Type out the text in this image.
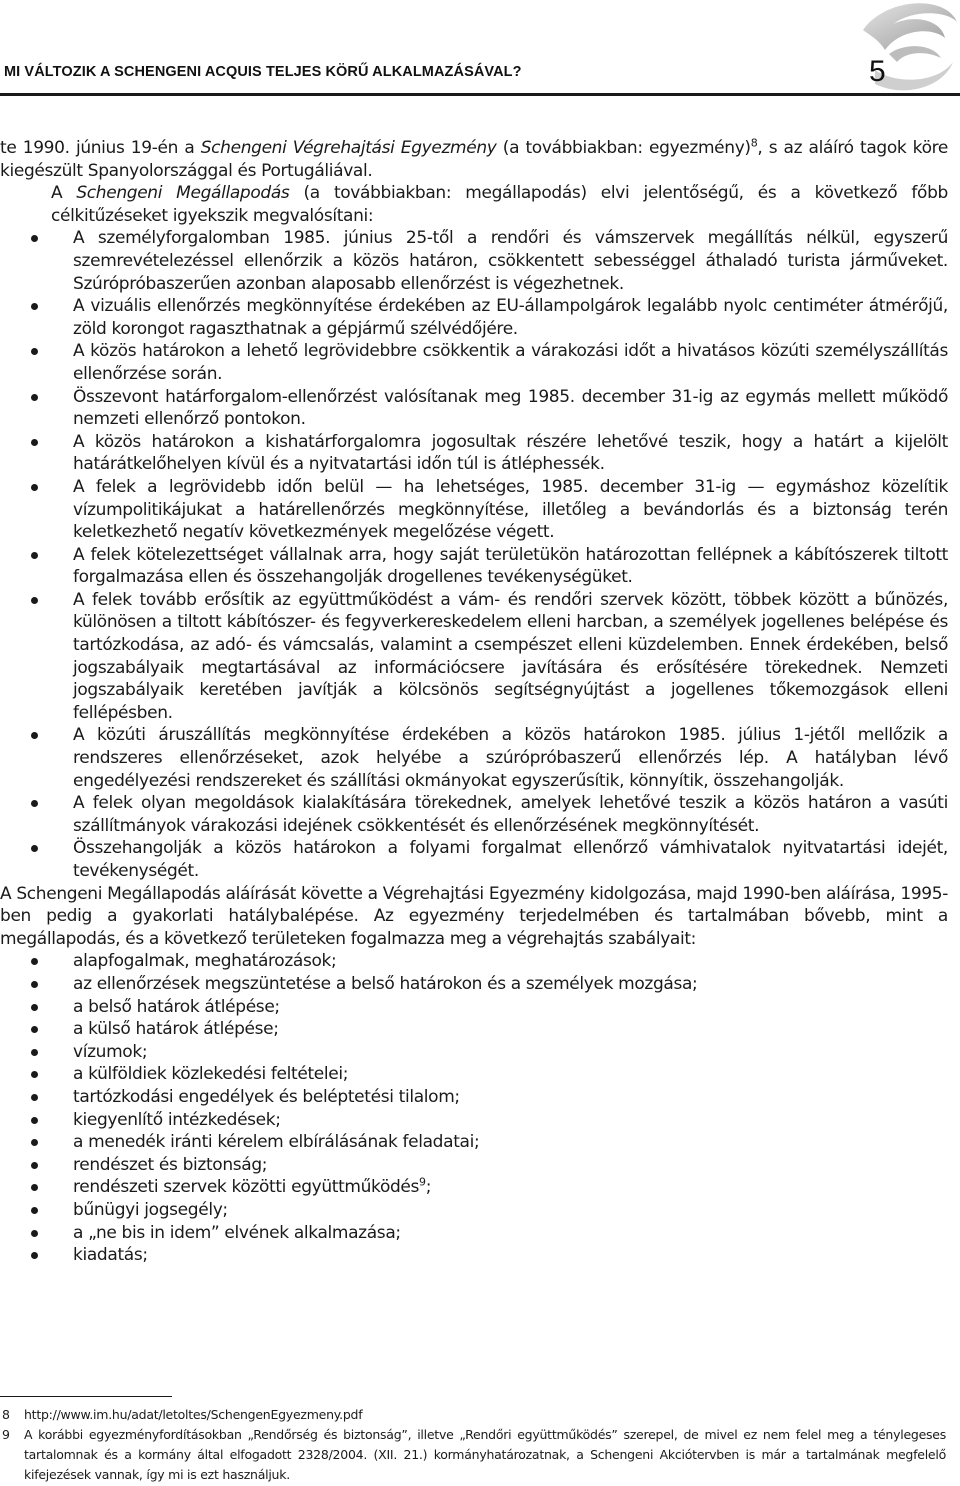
MI VÁLTOZIK A SCHENGENI ACQUIS TELJES KÖRŰ ALKALMAZÁSÁVAL?	5

te 1990. június 19-én a Schengeni Végrehajtási Egyezmény (a továbbiakban: egyezmény)$^8$, s az aláíró tagok köre kiegészült Spanyolországgal és Portugáliával.

A Schengeni Megállapodás (a továbbiakban: megállapodás) elvi jelentőségű, és a következő főbb célkitűzéseket igyekszik megvalósítani:

A személyforgalomban 1985. június 25-től a rendőri és vámszervek megállítás nélkül, egyszerű szemrevételezéssel ellenőrzik a közös határon, csökkentett sebességgel áthaladó turista járműveket. Szúrópróbaszerűen azonban alaposabb ellenőrzést is végezhetnek.
A vizuális ellenőrzés megkönnyítése érdekében az EU-állampolgárok legalább nyolc centiméter átmérőjű, zöld korongot ragaszthatnak a gépjármű szélvédőjére.
A közös határokon a lehető legrövidebbre csökkentik a várakozási időt a hivatásos közúti személyszállítás ellenőrzése során.
Összevont határforgalom-ellenőrzést valósítanak meg 1985. december 31-ig az egymás mellett működő nemzeti ellenőrző pontokon.
A közös határokon a kishatárforgalomra jogosultak részére lehetővé teszik, hogy a határt a kijelölt határátkelőhelyen kívül és a nyitvatartási időn túl is átléphessék.
A felek a legrövidebb időn belül — ha lehetséges, 1985. december 31-ig — egymáshoz közelítik vízumpolitikájukat a határellenőrzés megkönnyítése, illetőleg a bevándorlás és a biztonság terén keletkezhető negatív következmények megelőzése végett.
A felek kötelezettséget vállalnak arra, hogy saját területükön határozottan fellépnek a kábítószerek tiltott forgalmazása ellen és összehangolják drogellenes tevékenységüket.
A felek tovább erősítik az együttműködést a vám- és rendőri szervek között, többek között a bűnözés, különösen a tiltott kábítószer- és fegyverkereskedelem elleni harcban, a személyek jogellenes belépése és tartózkodása, az adó- és vámcsalás, valamint a csempészet elleni küzdelemben. Ennek érdekében, belső jogszabályaik megtartásával az információcsere javítására és erősítésére törekednek. Nemzeti jogszabályaik keretében javítják a kölcsönös segítségnyújtást a jogellenes tőkemozgások elleni fellépésben.
A közúti áruszállítás megkönnyítése érdekében a közös határokon 1985. július 1-jétől mellőzik a rendszeres ellenőrzéseket, azok helyébe a szúrópróbaszerű ellenőrzés lép. A hatályban lévő engedélyezési rendszereket és szállítási okmányokat egyszerűsítik, könnyítik, összehangolják.
A felek olyan megoldások kialakítására törekednek, amelyek lehetővé teszik a közös határon a vasúti szállítmányok várakozási idejének csökkentését és ellenőrzésének megkönnyítését.
Összehangolják a közös határokon a folyami forgalmat ellenőrző vámhivatalok nyitvatartási idejét, tevékenységét.

A Schengeni Megállapodás aláírását követte a Végrehajtási Egyezmény kidolgozása, majd 1990-ben aláírása, 1995-ben pedig a gyakorlati hatálybalépése. Az egyezmény terjedelmében és tartalmában bővebb, mint a megállapodás, és a következő területeken fogalmazza meg a végrehajtás szabályait:

alapfogalmak, meghatározások;
az ellenőrzések megszüntetése a belső határokon és a személyek mozgása;
a belső határok átlépése;
a külső határok átlépése;
vízumok;
a külföldiek közlekedési feltételei;
tartózkodási engedélyek és beléptetési tilalom;
kiegyenlítő intézkedések;
a menedék iránti kérelem elbírálásának feladatai;
rendészet és biztonság;
rendészeti szervek közötti együttműködés$^9$;
bűnügyi jogsegély;
a „ne bis in idem” elvének alkalmazása;
kiadatás;
8 http://www.im.hu/adat/letoltes/SchengenEgyezmeny.pdf
9 A korábbi egyezményfordításokban „Rendőrség és biztonság”, illetve „Rendőri együttműködés” szerepel, de mivel ez nem felel meg a ténylegeses tartalomnak és a kormány által elfogadott 2328/2004. (XII. 21.) kormányhatározatnak, a Schengeni Akciótervben is már a tartalmának megfelelő kifejezések vannak, így mi is ezt használjuk.
